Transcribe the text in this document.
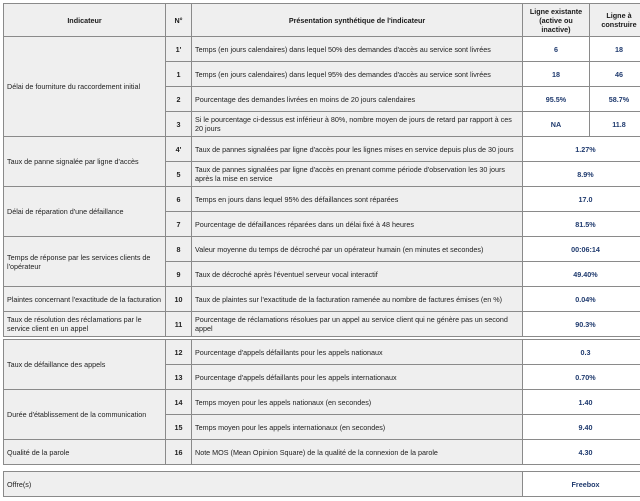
Indicateur	N°	Présentation synthétique de l'indicateur	Ligne existante (active ou inactive)	Ligne à construire
Délai de fourniture du raccordement initial	1'	Temps (en jours calendaires) dans lequel 50% des demandes d'accès au service sont livrées	6	18
	1	Temps (en jours calendaires) dans lequel 95% des demandes d'accès au service sont livrées	18	46
	2	Pourcentage des demandes livrées en moins de 20 jours calendaires	95.5%	58.7%
	3	Si le pourcentage ci-dessus est inférieur à 80%, nombre moyen de jours de retard par rapport à ces 20 jours	NA	11.8
Taux de panne signalée par ligne d'accès	4'	Taux de pannes signalées par ligne d'accès pour les lignes mises en service depuis plus de 30 jours	1.27%	
	5	Taux de pannes signalées par ligne d'accès en prenant comme période d'observation les 30 jours après la mise en service	8.9%	
Délai de réparation d'une défaillance	6	Temps en jours dans lequel 95% des défaillances sont réparées	17.0	
	7	Pourcentage de défaillances réparées dans un délai fixé à 48 heures	81.5%	
Temps de réponse par les services clients de l'opérateur	8	Valeur moyenne du temps de décroché par un opérateur humain (en minutes et secondes)	00:06:14	
	9	Taux de décroché après l'éventuel serveur vocal interactif	49.40%	
Plaintes concernant l'exactitude de la facturation	10	Taux de plaintes sur l'exactitude de la facturation ramenée au nombre de factures émises (en %)	0.04%	
Taux de résolution des réclamations par le service client en un appel	11	Pourcentage de réclamations résolues par un appel au service client qui ne génère pas un second appel	90.3%	
Taux de défaillance des appels	12	Pourcentage d'appels défaillants pour les appels nationaux	0.3
	13	Pourcentage d'appels défaillants pour les appels internationaux	0.70%
Durée d'établissement de la communication	14	Temps moyen pour les appels nationaux (en secondes)	1.40
	15	Temps moyen pour les appels internationaux (en secondes)	9.40
Qualité de la parole	16	Note MOS (Mean Opinion Square) de la qualité de la connexion de la parole	4.30
Offre(s)	Freebox
